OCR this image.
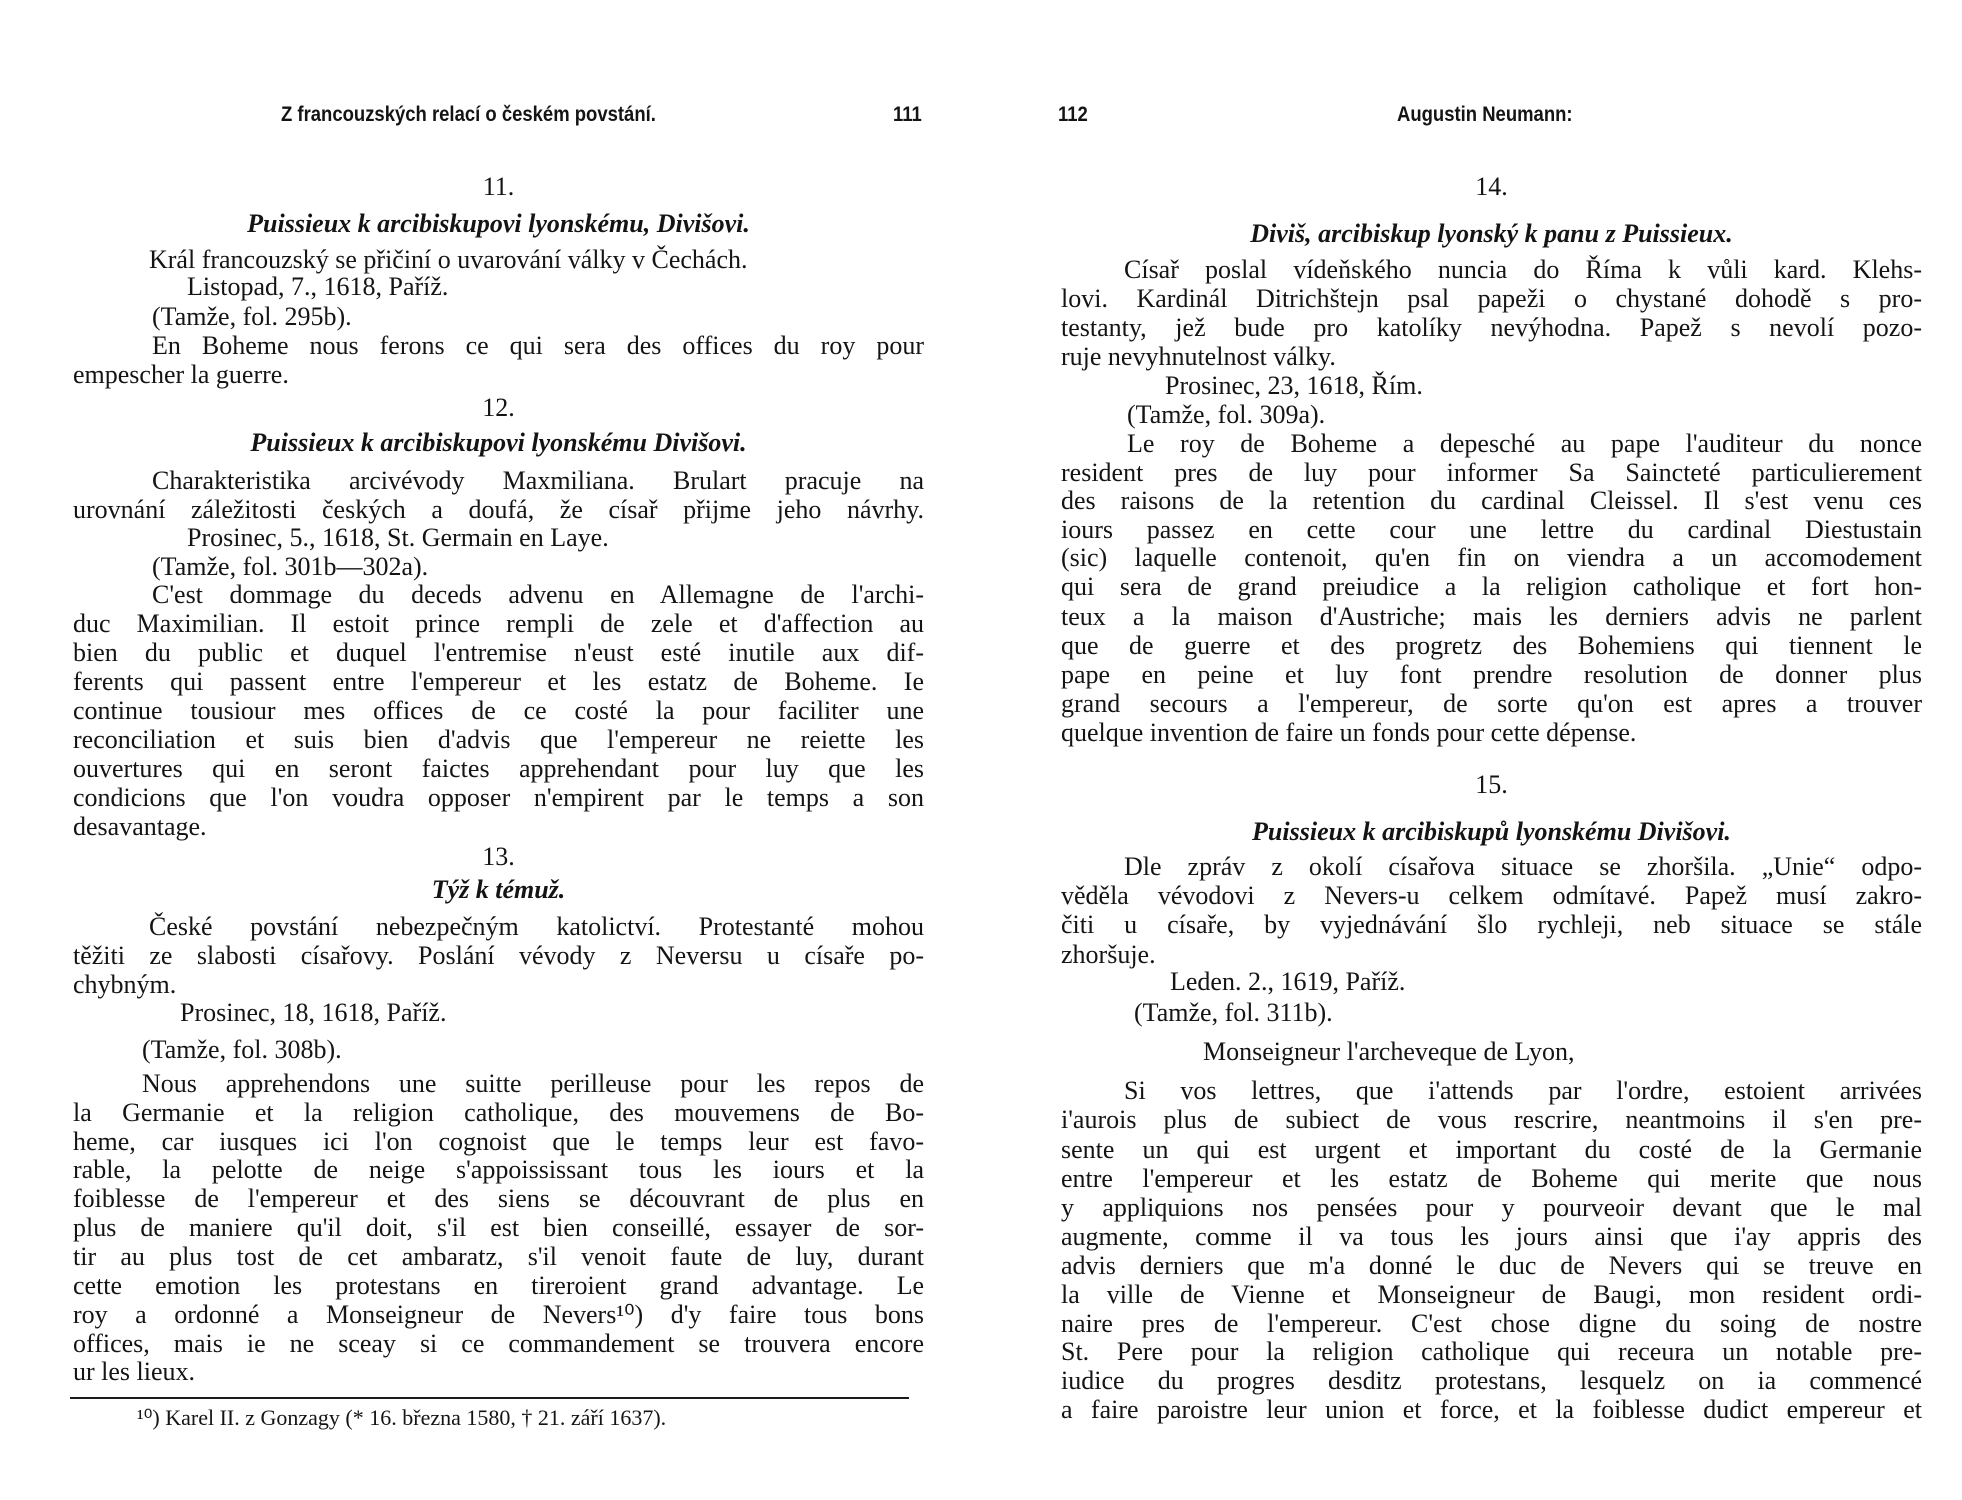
Z francouzských relací o českém povstání.	111
¹⁰) Karel II. z Gonzagy (* 16. března 1580, † 21. září 1637).
11.
Puissieux k arcibiskupovi lyonskému, Divišovi.
Král francouzský se přičiní o uvarování války v Čechách.
Listopad, 7., 1618, Paříž.
(Tamže, fol. 295b).
En Boheme nous ferons ce qui sera des offices du roy pour
empescher la guerre.
12.
Puissieux k arcibiskupovi lyonskému Divišovi.
Charakteristika arcivévody Maxmiliana. Brulart pracuje na
urovnání záležitosti českých a doufá, že císař přijme jeho návrhy.
Prosinec, 5., 1618, St. Germain en Laye.
(Tamže, fol. 301b—302a).
C'est dommage du deceds advenu en Allemagne de l'archi-
duc Maximilian. Il estoit prince rempli de zele et d'affection au
bien du public et duquel l'entremise n'eust esté inutile aux dif-
ferents qui passent entre l'empereur et les estatz de Boheme. Ie
continue tousiour mes offices de ce costé la pour faciliter une
reconciliation et suis bien d'advis que l'empereur ne reiette les
ouvertures qui en seront faictes apprehendant pour luy que les
condicions que l'on voudra opposer n'empirent par le temps a son
desavantage.
13.
Týž k témuž.
České povstání nebezpečným katolictví. Protestanté mohou
těžiti ze slabosti císařovy. Poslání vévody z Neversu u císaře po-
chybným.
Prosinec, 18, 1618, Paříž.
(Tamže, fol. 308b).
Nous apprehendons une suitte perilleuse pour les repos de
la Germanie et la religion catholique, des mouvemens de Bo-
heme, car iusques ici l'on cognoist que le temps leur est favo-
rable, la pelotte de neige s'appoississant tous les iours et la
foiblesse de l'empereur et des siens se découvrant de plus en
plus de maniere qu'il doit, s'il est bien conseillé, essayer de sor-
tir au plus tost de cet ambaratz, s'il venoit faute de luy, durant
cette emotion les protestans en tireroient grand advantage. Le
roy a ordonné a Monseigneur de Nevers¹⁰) d'y faire tous bons
offices, mais ie ne sceay si ce commandement se trouvera encore
ur les lieux.
112	Augustin Neumann:
14.
Diviš, arcibiskup lyonský k panu z Puissieux.
Císař poslal vídeňského nuncia do Říma k vůli kard. Klehs-
lovi. Kardinál Ditrichštejn psal papeži o chystané dohodě s pro-
testanty, jež bude pro katolíky nevýhodna. Papež s nevolí pozo-
ruje nevyhnutelnost války.
Prosinec, 23, 1618, Řím.
(Tamže, fol. 309a).
Le roy de Boheme a depesché au pape l'auditeur du nonce
resident pres de luy pour informer Sa Saincteté particulierement
des raisons de la retention du cardinal Cleissel. Il s'est venu ces
iours passez en cette cour une lettre du cardinal Diestustain
(sic) laquelle contenoit, qu'en fin on viendra a un accomodement
qui sera de grand preiudice a la religion catholique et fort hon-
teux a la maison d'Austriche; mais les derniers advis ne parlent
que de guerre et des progretz des Bohemiens qui tiennent le
pape en peine et luy font prendre resolution de donner plus
grand secours a l'empereur, de sorte qu'on est apres a trouver
quelque invention de faire un fonds pour cette dépense.
15.
Puissieux k arcibiskupů lyonskému Divišovi.
Dle zpráv z okolí císařova situace se zhoršila. „Unie“ odpo-
věděla vévodovi z Nevers-u celkem odmítavé. Papež musí zakro-
čiti u císaře, by vyjednávání šlo rychleji, neb situace se stále
zhoršuje.
Leden. 2., 1619, Paříž.
(Tamže, fol. 311b).
Monseigneur l'archeveque de Lyon,
Si vos lettres, que i'attends par l'ordre, estoient arrivées
i'aurois plus de subiect de vous rescrire, neantmoins il s'en pre-
sente un qui est urgent et important du costé de la Germanie
entre l'empereur et les estatz de Boheme qui merite que nous
y appliquions nos pensées pour y pourveoir devant que le mal
augmente, comme il va tous les jours ainsi que i'ay appris des
advis derniers que m'a donné le duc de Nevers qui se treuve en
la ville de Vienne et Monseigneur de Baugi, mon resident ordi-
naire pres de l'empereur. C'est chose digne du soing de nostre
St. Pere pour la religion catholique qui receura un notable pre-
iudice du progres desditz protestans, lesquelz on ia commencé
a faire paroistre leur union et force, et la foiblesse dudict empereur et
